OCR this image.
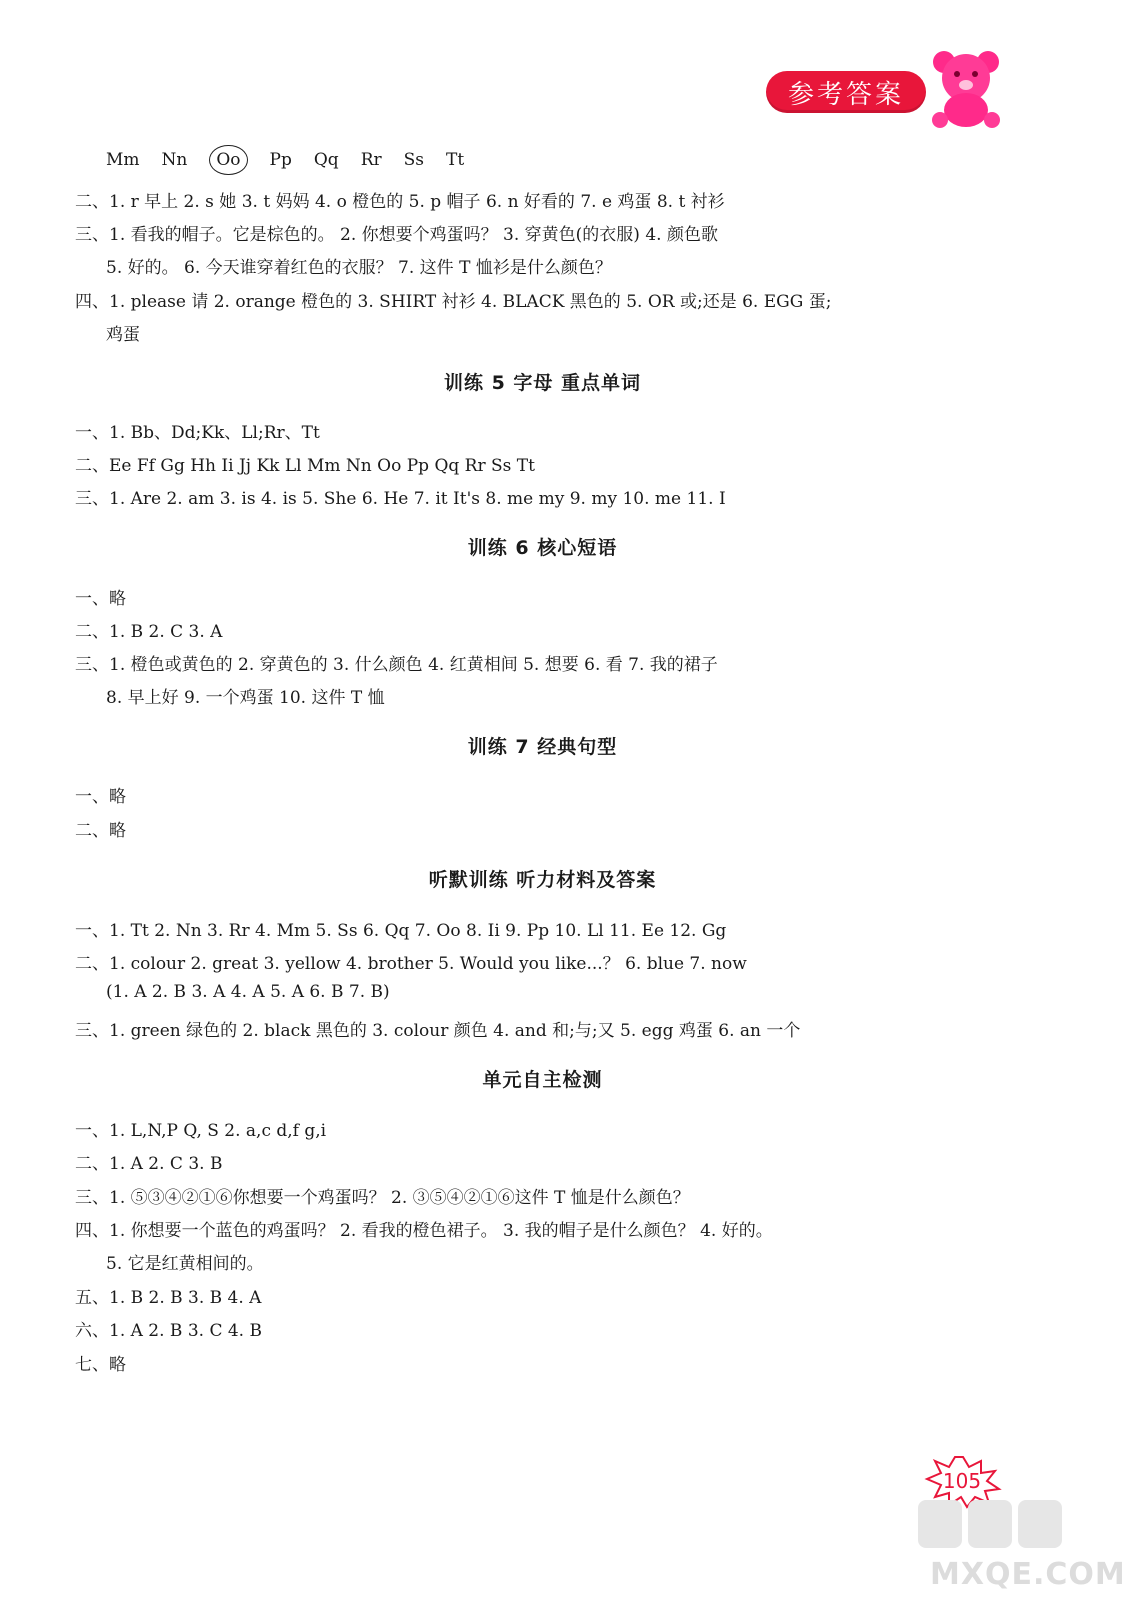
参考答案
Mm Nn Oo Pp Qq Rr Ss Tt
二、1. r 早上 2. s 她 3. t 妈妈 4. o 橙色的 5. p 帽子 6. n 好看的 7. e 鸡蛋 8. t 衬衫
三、1. 看我的帽子。它是棕色的。 2. 你想要个鸡蛋吗？ 3. 穿黄色(的衣服) 4. 颜色歌
5. 好的。 6. 今天谁穿着红色的衣服？ 7. 这件 T 恤衫是什么颜色？
四、1. please 请 2. orange 橙色的 3. SHIRT 衬衫 4. BLACK 黑色的 5. OR 或;还是 6. EGG 蛋;
鸡蛋
训练 5 字母 重点单词
一、1. Bb、Dd;Kk、Ll;Rr、Tt
二、Ee Ff Gg Hh Ii Jj Kk Ll Mm Nn Oo Pp Qq Rr Ss Tt
三、1. Are 2. am 3. is 4. is 5. She 6. He 7. it It's 8. me my 9. my 10. me 11. I
训练 6 核心短语
一、略
二、1. B 2. C 3. A
三、1. 橙色或黄色的 2. 穿黄色的 3. 什么颜色 4. 红黄相间 5. 想要 6. 看 7. 我的裙子
8. 早上好 9. 一个鸡蛋 10. 这件 T 恤
训练 7 经典句型
一、略
二、略
听默训练 听力材料及答案
一、1. Tt 2. Nn 3. Rr 4. Mm 5. Ss 6. Qq 7. Oo 8. Ii 9. Pp 10. Ll 11. Ee 12. Gg
二、1. colour 2. great 3. yellow 4. brother 5. Would you like...？ 6. blue 7. now
(1. A 2. B 3. A 4. A 5. A 6. B 7. B)
三、1. green 绿色的 2. black 黑色的 3. colour 颜色 4. and 和;与;又 5. egg 鸡蛋 6. an 一个
单元自主检测
一、1. L,N,P Q, S 2. a,c d,f g,i
二、1. A 2. C 3. B
三、1. ⑤③④②①⑥你想要一个鸡蛋吗？ 2. ③⑤④②①⑥这件 T 恤是什么颜色？
四、1. 你想要一个蓝色的鸡蛋吗？ 2. 看我的橙色裙子。 3. 我的帽子是什么颜色？ 4. 好的。
5. 它是红黄相间的。
五、1. B 2. B 3. B 4. A
六、1. A 2. B 3. C 4. B
七、略
105
MXQE.COM
